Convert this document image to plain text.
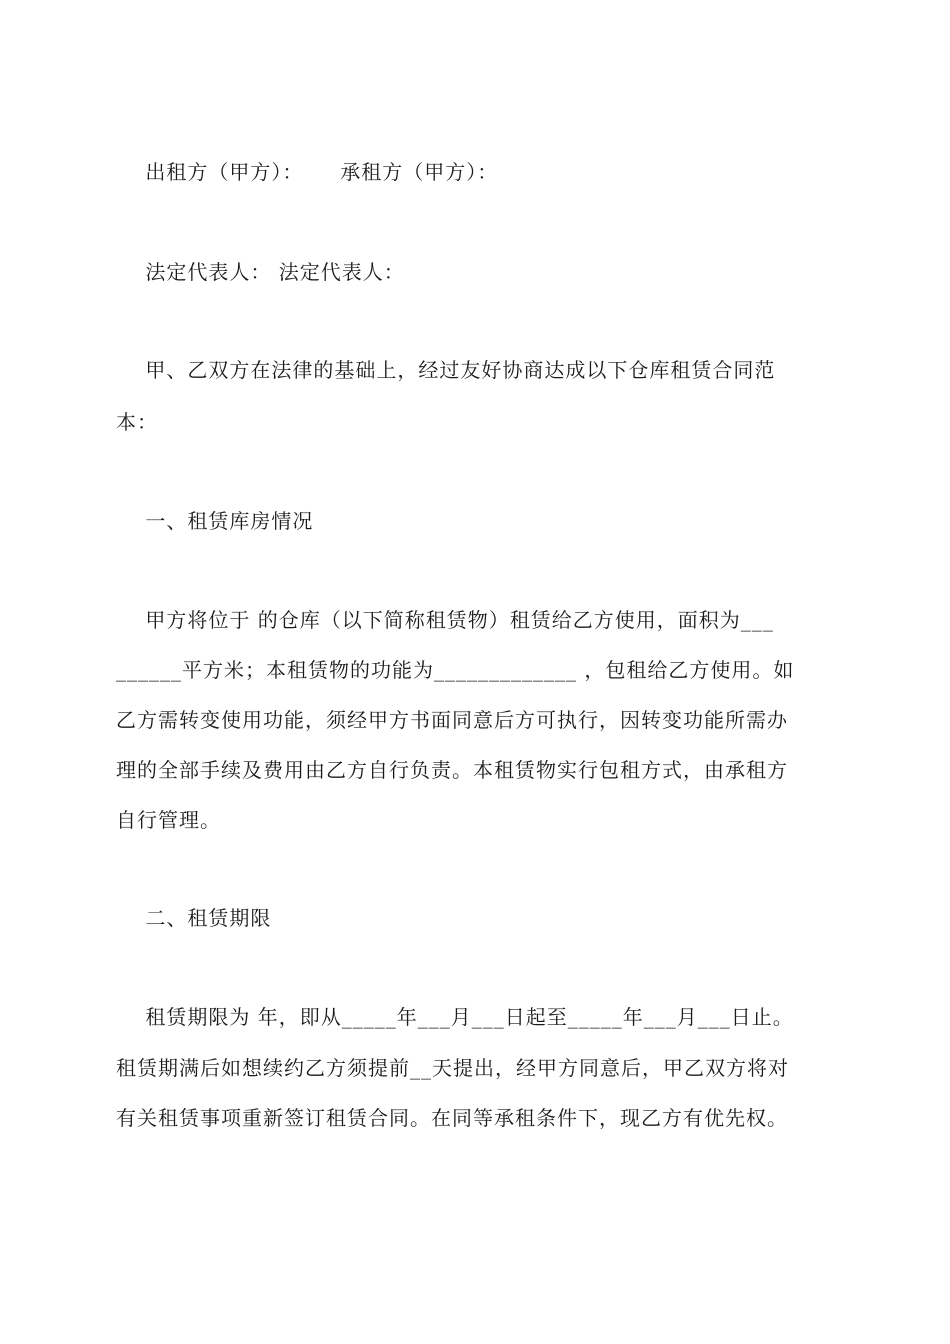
出租方（甲方）：     承租方（甲方）：

法定代表人： 法定代表人：

甲、乙双方在法律的基础上，经过友好协商达成以下仓库租赁合同范

本：

一、租赁库房情况

甲方将位于 的仓库（以下简称租赁物）租赁给乙方使用，面积为___

______平方米；本租赁物的功能为_____________ ，包租给乙方使用。如

乙方需转变使用功能，须经甲方书面同意后方可执行，因转变功能所需办

理的全部手续及费用由乙方自行负责。本租赁物实行包租方式，由承租方

自行管理。

二、租赁期限

租赁期限为 年，即从_____年___月___日起至_____年___月___日止。

租赁期满后如想续约乙方须提前__天提出，经甲方同意后，甲乙双方将对

有关租赁事项重新签订租赁合同。在同等承租条件下，现乙方有优先权。
